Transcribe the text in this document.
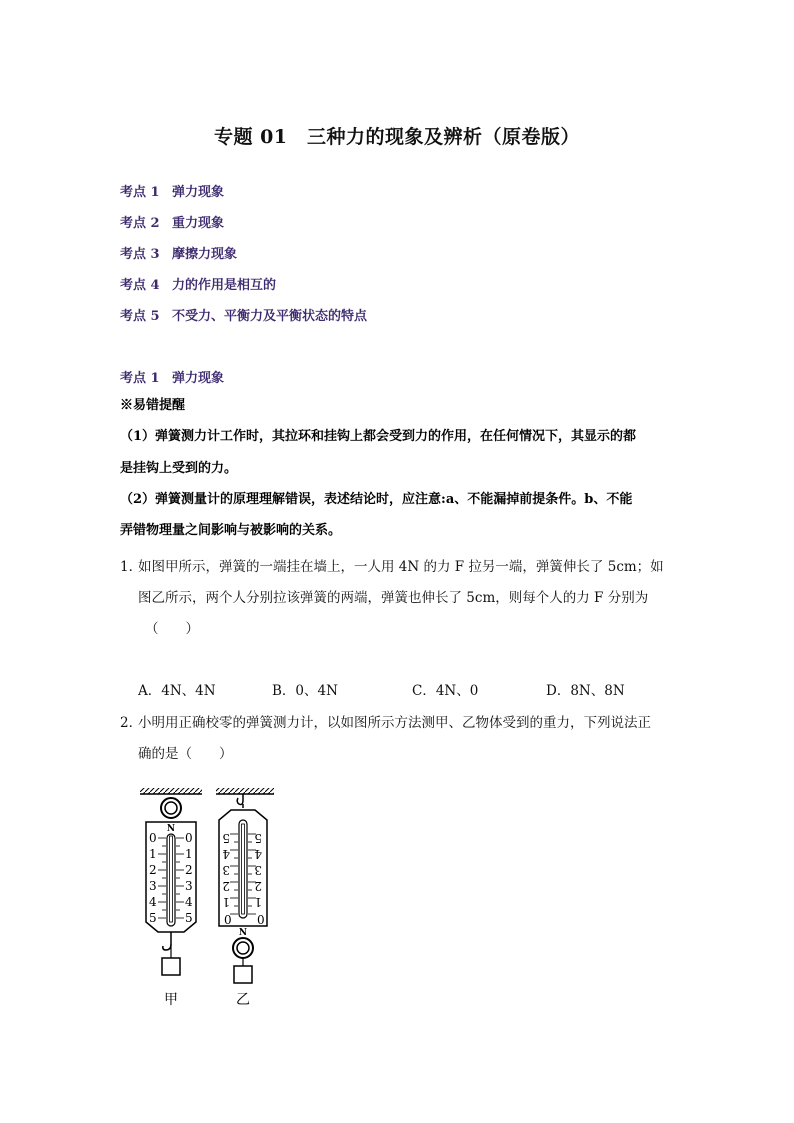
专题 01　三种力的现象及辨析（原卷版）
考点 1 弹力现象
考点 2 重力现象
考点 3 摩擦力现象
考点 4 力的作用是相互的
考点 5 不受力、平衡力及平衡状态的特点
考点 1 弹力现象
※易错提醒
（1）弹簧测力计工作时，其拉环和挂钩上都会受到力的作用，在任何情况下，其显示的都
是挂钩上受到的力。
（2）弹簧测量计的原理理解错误，表述结论时，应注意:a、不能漏掉前提条件。b、不能
弄错物理量之间影响与被影响的关系。
1．如图甲所示，弹簧的一端挂在墙上，一人用 4N 的力 F 拉另一端，弹簧伸长了 5cm；如
图乙所示，两个人分别拉该弹簧的两端，弹簧也伸长了 5cm，则每个人的力 F 分别为
（　　）
A．4N、4N	B．0、4N	C．4N、0	D．8N、8N
2．小明用正确校零的弹簧测力计，以如图所示方法测甲、乙物体受到的重力，下列说法正
确的是（　　）
N
0
1
2
3
4
5
0
1
2
3
4
5
甲
5
4
3
2
1
0
5
4
3
2
1
0
N
乙
